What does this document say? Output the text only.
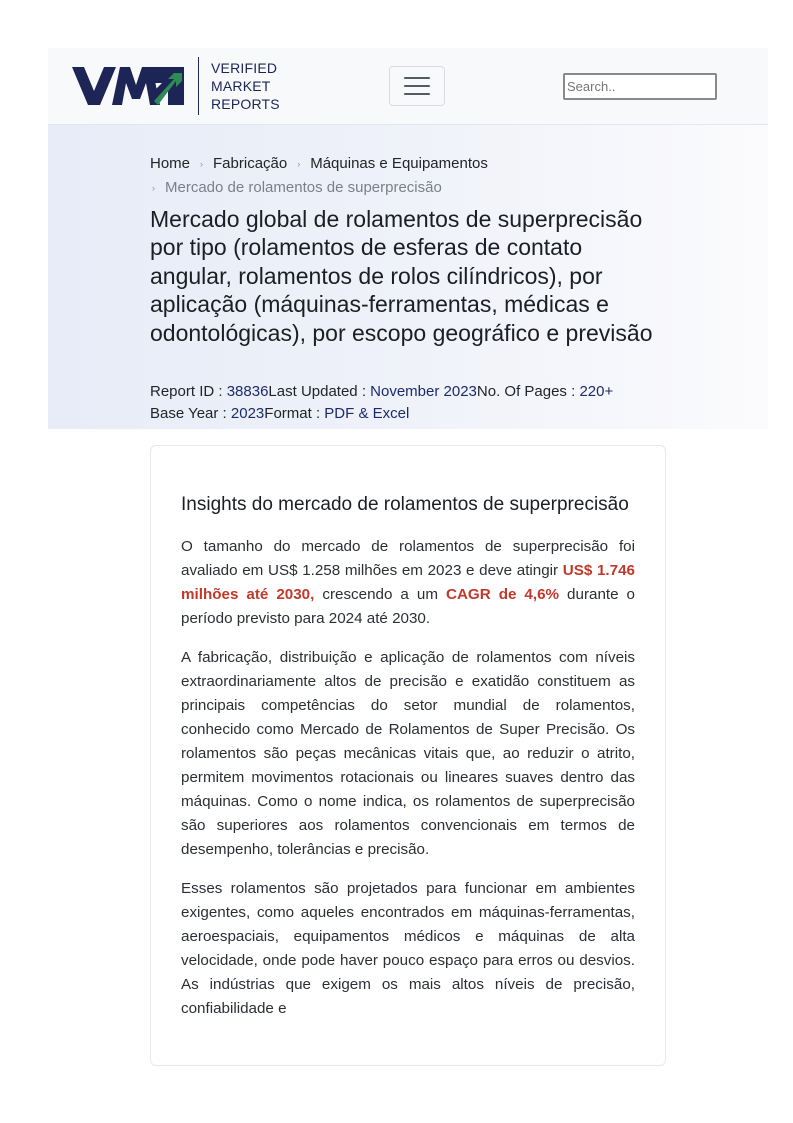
VERIFIED
MARKET
REPORTS
Search..
Home › Fabricação › Máquinas e Equipamentos
› Mercado de rolamentos de superprecisão
Mercado global de rolamentos de superprecisão por tipo (rolamentos de esferas de contato angular, rolamentos de rolos cilíndricos), por aplicação (máquinas-ferramentas, médicas e odontológicas), por escopo geográfico e previsão
Report ID : 38836Last Updated : November 2023No. Of Pages : 220+
Base Year : 2023Format : PDF & Excel
Insights do mercado de rolamentos de superprecisão

O tamanho do mercado de rolamentos de superprecisão foi avaliado em US$ 1.258 milhões em 2023 e deve atingir US$ 1.746 milhões até 2030, crescendo a um CAGR de 4,6% durante o período previsto para 2024 até 2030.

A fabricação, distribuição e aplicação de rolamentos com níveis extraordinariamente altos de precisão e exatidão constituem as principais competências do setor mundial de rolamentos, conhecido como Mercado de Rolamentos de Super Precisão. Os rolamentos são peças mecânicas vitais que, ao reduzir o atrito, permitem movimentos rotacionais ou lineares suaves dentro das máquinas. Como o nome indica, os rolamentos de superprecisão são superiores aos rolamentos convencionais em termos de desempenho, tolerâncias e precisão.

Esses rolamentos são projetados para funcionar em ambientes exigentes, como aqueles encontrados em máquinas-ferramentas, aeroespaciais, equipamentos médicos e máquinas de alta velocidade, onde pode haver pouco espaço para erros ou desvios. As indústrias que exigem os mais altos níveis de precisão, confiabilidade e
